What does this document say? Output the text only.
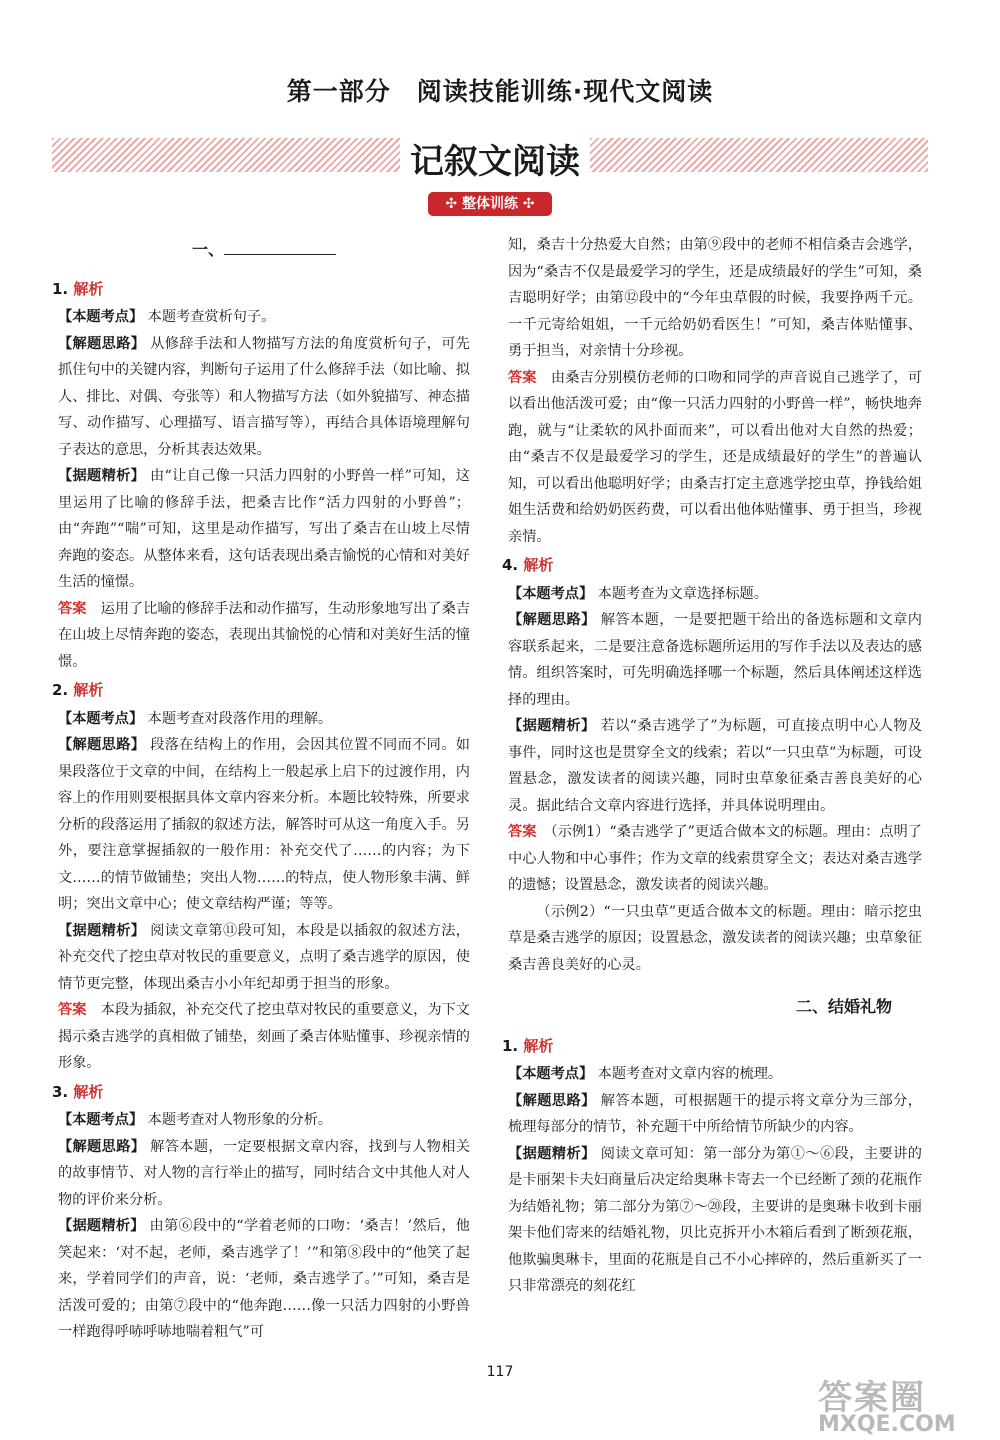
第一部分　阅读技能训练·现代文阅读
记叙文阅读
✣ 整体训练 ✣

一、

1. 解析

【本题考点】 本题考查赏析句子。

【解题思路】 从修辞手法和人物描写方法的角度赏析句子，可先抓住句中的关键内容，判断句子运用了什么修辞手法（如比喻、拟人、排比、对偶、夸张等）和人物描写方法（如外貌描写、神态描写、动作描写、心理描写、语言描写等），再结合具体语境理解句子表达的意思，分析其表达效果。

【据题精析】 由“让自己像一只活力四射的小野兽一样”可知，这里运用了比喻的修辞手法，把桑吉比作“活力四射的小野兽”；由“奔跑”“喘”可知，这里是动作描写，写出了桑吉在山坡上尽情奔跑的姿态。从整体来看，这句话表现出桑吉愉悦的心情和对美好生活的憧憬。

答案　 运用了比喻的修辞手法和动作描写，生动形象地写出了桑吉在山坡上尽情奔跑的姿态，表现出其愉悦的心情和对美好生活的憧憬。

2. 解析

【本题考点】 本题考查对段落作用的理解。

【解题思路】 段落在结构上的作用，会因其位置不同而不同。如果段落位于文章的中间，在结构上一般起承上启下的过渡作用，内容上的作用则要根据具体文章内容来分析。本题比较特殊，所要求分析的段落运用了插叙的叙述方法，解答时可从这一角度入手。另外，要注意掌握插叙的一般作用：补充交代了……的内容；为下文……的情节做铺垫；突出人物……的特点，使人物形象丰满、鲜明；突出文章中心；使文章结构严谨；等等。

【据题精析】 阅读文章第⑪段可知，本段是以插叙的叙述方法，补充交代了挖虫草对牧民的重要意义，点明了桑吉逃学的原因，使情节更完整，体现出桑吉小小年纪却勇于担当的形象。

答案　 本段为插叙，补充交代了挖虫草对牧民的重要意义，为下文揭示桑吉逃学的真相做了铺垫，刻画了桑吉体贴懂事、珍视亲情的形象。

3. 解析

【本题考点】 本题考查对人物形象的分析。

【解题思路】 解答本题，一定要根据文章内容，找到与人物相关的故事情节、对人物的言行举止的描写，同时结合文中其他人对人物的评价来分析。

【据题精析】 由第⑥段中的“学着老师的口吻：‘桑吉！’然后，他笑起来：‘对不起，老师，桑吉逃学了！’”和第⑧段中的“他笑了起来，学着同学们的声音，说：‘老师，桑吉逃学了。’”可知，桑吉是活泼可爱的；由第⑦段中的“他奔跑……像一只活力四射的小野兽一样跑得呼哧呼哧地喘着粗气”可

知，桑吉十分热爱大自然；由第⑨段中的老师不相信桑吉会逃学，因为“桑吉不仅是最爱学习的学生，还是成绩最好的学生”可知，桑吉聪明好学；由第⑫段中的“今年虫草假的时候，我要挣两千元。一千元寄给姐姐，一千元给奶奶看医生！”可知，桑吉体贴懂事、勇于担当，对亲情十分珍视。

答案　 由桑吉分别模仿老师的口吻和同学的声音说自己逃学了，可以看出他活泼可爱；由“像一只活力四射的小野兽一样”，畅快地奔跑，就与“让柔软的风扑面而来”，可以看出他对大自然的热爱；由“桑吉不仅是最爱学习的学生，还是成绩最好的学生”的普遍认知，可以看出他聪明好学；由桑吉打定主意逃学挖虫草，挣钱给姐姐生活费和给奶奶医药费，可以看出他体贴懂事、勇于担当，珍视亲情。

4. 解析

【本题考点】 本题考查为文章选择标题。

【解题思路】 解答本题，一是要把题干给出的备选标题和文章内容联系起来，二是要注意备选标题所运用的写作手法以及表达的感情。组织答案时，可先明确选择哪一个标题，然后具体阐述这样选择的理由。

【据题精析】 若以“桑吉逃学了”为标题，可直接点明中心人物及事件，同时这也是贯穿全文的线索；若以“一只虫草”为标题，可设置悬念，激发读者的阅读兴趣，同时虫草象征桑吉善良美好的心灵。据此结合文章内容进行选择，并具体说明理由。

答案　 （示例1）“桑吉逃学了”更适合做本文的标题。理由：点明了中心人物和中心事件；作为文章的线索贯穿全文；表达对桑吉逃学的遗憾；设置悬念，激发读者的阅读兴趣。

（示例2）“一只虫草”更适合做本文的标题。理由：暗示挖虫草是桑吉逃学的原因；设置悬念，激发读者的阅读兴趣；虫草象征桑吉善良美好的心灵。

二、结婚礼物

1. 解析

【本题考点】 本题考查对文章内容的梳理。

【解题思路】 解答本题，可根据题干的提示将文章分为三部分，梳理每部分的情节，补充题干中所给情节所缺少的内容。

【据题精析】 阅读文章可知：第一部分为第①～⑥段，主要讲的是卡丽架卡夫妇商量后决定给奥琳卡寄去一个已经断了颈的花瓶作为结婚礼物；第二部分为第⑦～⑳段，主要讲的是奥琳卡收到卡丽架卡他们寄来的结婚礼物，贝比克拆开小木箱后看到了断颈花瓶，他欺骗奥琳卡，里面的花瓶是自己不小心摔碎的，然后重新买了一只非常漂亮的刻花红

117
答案圈
MXQE.COM
